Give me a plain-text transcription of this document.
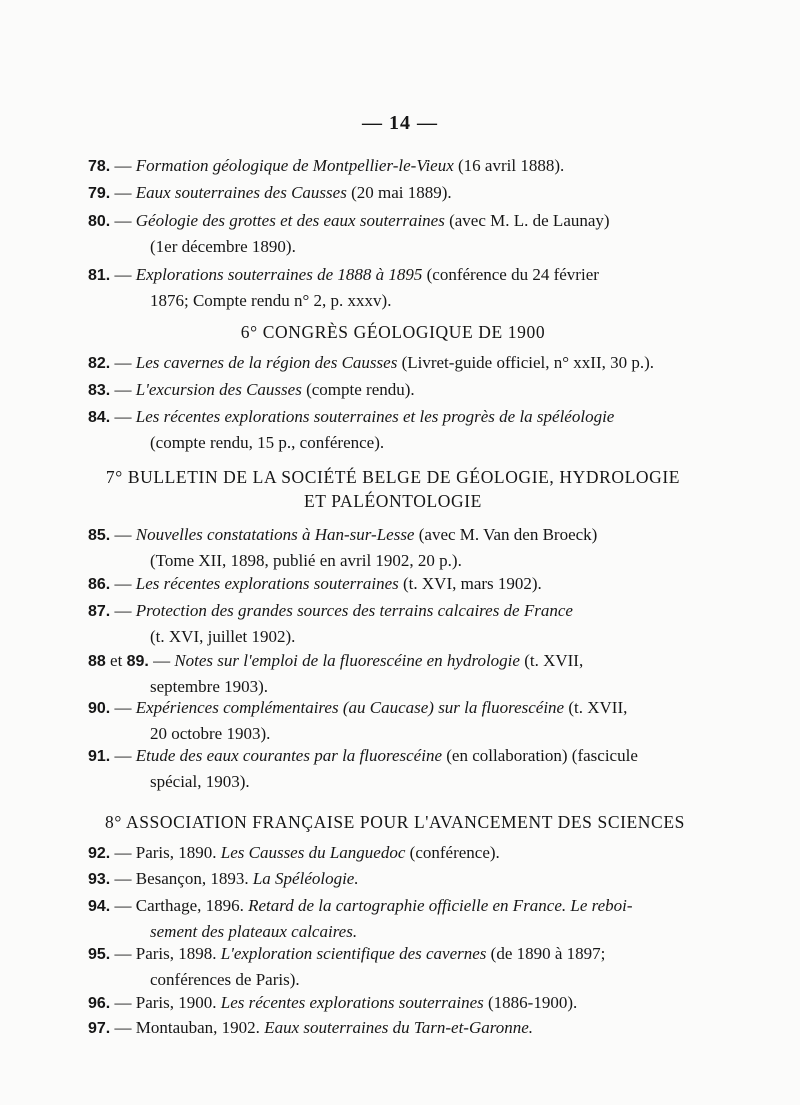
— 14 —
78. — Formation géologique de Montpellier-le-Vieux (16 avril 1888).
79. — Eaux souterraines des Causses (20 mai 1889).
80. — Géologie des grottes et des eaux souterraines (avec M. L. de Launay)
(1er décembre 1890).
81. — Explorations souterraines de 1888 à 1895 (conférence du 24 février
1876; Compte rendu n° 2, p. xxxv).
6° CONGRÈS GÉOLOGIQUE DE 1900
82. — Les cavernes de la région des Causses (Livret-guide officiel, n° xxII, 30 p.).
83. — L'excursion des Causses (compte rendu).
84. — Les récentes explorations souterraines et les progrès de la spéléologie
(compte rendu, 15 p., conférence).
7° BULLETIN DE LA SOCIÉTÉ BELGE DE GÉOLOGIE, HYDROLOGIE
ET PALÉONTOLOGIE
85. — Nouvelles constatations à Han-sur-Lesse (avec M. Van den Broeck)
(Tome XII, 1898, publié en avril 1902, 20 p.).
86. — Les récentes explorations souterraines (t. XVI, mars 1902).
87. — Protection des grandes sources des terrains calcaires de France
(t. XVI, juillet 1902).
88 et 89. — Notes sur l'emploi de la fluorescéine en hydrologie (t. XVII,
septembre 1903).
90. — Expériences complémentaires (au Caucase) sur la fluorescéine (t. XVII,
20 octobre 1903).
91. — Etude des eaux courantes par la fluorescéine (en collaboration) (fascicule
spécial, 1903).
8° ASSOCIATION FRANÇAISE POUR L'AVANCEMENT DES SCIENCES
92. — Paris, 1890. Les Causses du Languedoc (conférence).
93. — Besançon, 1893. La Spéléologie.
94. — Carthage, 1896. Retard de la cartographie officielle en France. Le reboi-
sement des plateaux calcaires.
95. — Paris, 1898. L'exploration scientifique des cavernes (de 1890 à 1897;
conférences de Paris).
96. — Paris, 1900. Les récentes explorations souterraines (1886-1900).
97. — Montauban, 1902. Eaux souterraines du Tarn-et-Garonne.
